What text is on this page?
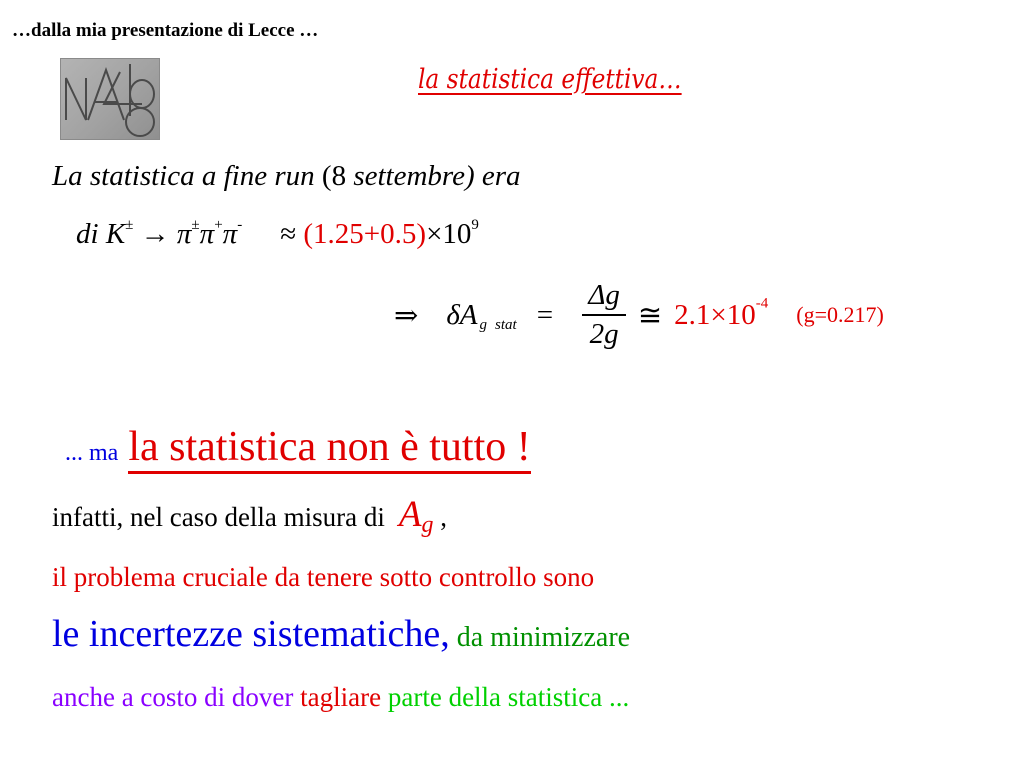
…dalla mia presentazione di Lecce …
la statistica effettiva…
La statistica a fine run (8 settembre) era
di $K^\pm \to \pi^\pm\pi^+\pi^- \approx (1.25+0.5)\times 10^9$
⇒ δA g stat = $\frac{\Delta g}{2g}$ ≅ $2.1\times 10^{-4}$ (g=0.217)
... ma la statistica non è tutto !
infatti, nel caso della misura di $A_g$ ,
il problema cruciale da tenere sotto controllo sono
le incertezze sistematiche, da minimizzare
anche a costo di dover tagliare parte della statistica ...
